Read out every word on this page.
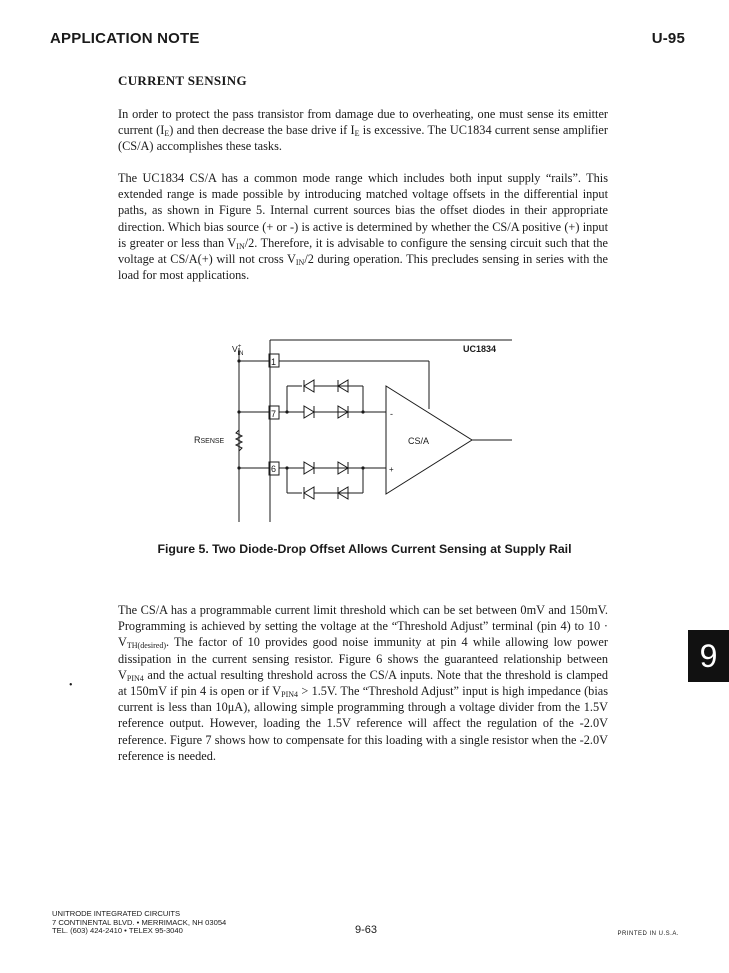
APPLICATION NOTE	U-95
CURRENT SENSING

In order to protect the pass transistor from damage due to overheating, one must sense its emitter current $(I_E)$ and then decrease the base drive if $I_E$ is excessive. The UC1834 current sense amplifier (CS/A) accomplishes these tasks.

The UC1834 CS/A has a common mode range which includes both input supply “rails”. This extended range is made possible by introducing matched voltage offsets in the differential input paths, as shown in Figure 5. Internal current sources bias the offset diodes in their appropriate direction. Which bias source (+ or -) is active is determined by whether the CS/A positive (+) input is greater or less than $V_{IN}/2$. Therefore, it is advisable to configure the sensing circuit such that the voltage at CS/A(+) will not cross $V_{IN}/2$ during operation. This precludes sensing in series with the load for most applications.

V+ IN	UC1834
1
7
6
RSENSE	CS/A
-
+
Figure 5. Two Diode-Drop Offset Allows Current Sensing at Supply Rail

The CS/A has a programmable current limit threshold which can be set between 0mV and 150mV. Programming is achieved by setting the voltage at the “Threshold Adjust” terminal (pin 4) to $10 \cdot V_{TH(desired)}$. The factor of 10 provides good noise immunity at pin 4 while allowing low power dissipation in the current sensing resistor. Figure 6 shows the guaranteed relationship between $V_{PIN4}$ and the actual resulting threshold across the CS/A inputs. Note that the threshold is clamped at 150mV if pin 4 is open or if $V_{PIN4} > 1.5V$. The “Threshold Adjust” input is high impedance (bias current is less than 10μA), allowing simple programming through a voltage divider from the 1.5V reference output. However, loading the 1.5V reference will affect the regulation of the -2.0V reference. Figure 7 shows how to compensate for this loading with a single resistor when the -2.0V reference is needed.

9
•
UNITRODE INTEGRATED CIRCUITS
7 CONTINENTAL BLVD. • MERRIMACK, NH 03054
TEL. (603) 424-2410 • TELEX 95-3040	9-63	PRINTED IN U.S.A.
